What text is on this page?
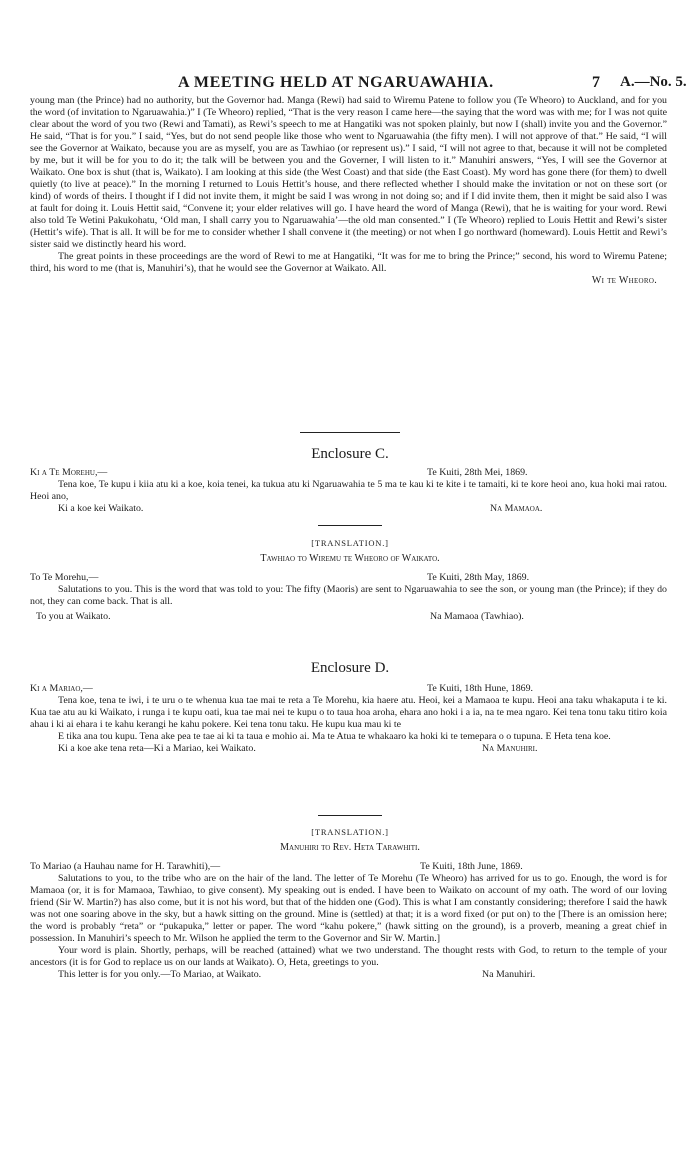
A MEETING HELD AT NGARUAWAHIA.	7 A.—No. 5.

young man (the Prince) had no authority, but the Governor had. Manga (Rewi) had said to Wiremu Patene to follow you (Te Wheoro) to Auckland, and for you the word (of invitation to Ngaruawahia.)” I (Te Wheoro) replied, “That is the very reason I came here—the saying that the word was with me; for I was not quite clear about the word of you two (Rewi and Tamati), as Rewi’s speech to me at Hangatiki was not spoken plainly, but now I (shall) invite you and the Governor.” He said, “That is for you.” I said, “Yes, but do not send people like those who went to Ngaruawahia (the fifty men). I will not approve of that.” He said, “I will see the Governor at Waikato, because you are as myself, you are as Tawhiao (or represent us).” I said, “I will not agree to that, because it will not be completed by me, but it will be for you to do it; the talk will be between you and the Governer, I will listen to it.” Manuhiri answers, “Yes, I will see the Governor at Waikato. One box is shut (that is, Waikato). I am looking at this side (the West Coast) and that side (the East Coast). My word has gone there (for them) to dwell quietly (to live at peace).” In the morning I returned to Louis Hettit’s house, and there reflected whether I should make the invitation or not on these sort (or kind) of words of theirs. I thought if I did not invite them, it might be said I was wrong in not doing so; and if I did invite them, then it might be said also I was at fault for doing it. Louis Hettit said, “Convene it; your elder relatives will go. I have heard the word of Manga (Rewi), that he is waiting for your word. Rewi also told Te Wetini Pakukohatu, ‘Old man, I shall carry you to Ngaruawahia’—the old man consented.” I (Te Wheoro) replied to Louis Hettit and Rewi’s sister (Hettit’s wife). That is all. It will be for me to consider whether I shall convene it (the meeting) or not when I go northward (homeward). Louis Hettit and Rewi’s sister said we distinctly heard his word.

The great points in these proceedings are the word of Rewi to me at Hangatiki, “It was for me to bring the Prince;” second, his word to Wiremu Patene; third, his word to me (that is, Manuhiri’s), that he would see the Governor at Waikato. All.

Wi te Wheoro.
Enclosure C.
Ki a Te Morehu,—	Te Kuiti, 28th Mei, 1869.

Tena koe, Te kupu i kiia atu ki a koe, koia tenei, ka tukua atu ki Ngaruawahia te 5 ma te kau ki te kite i te tamaiti, ki te kore heoi ano, kua hoki mai ratou. Heoi ano,

Ki a koe kei Waikato.	Na Mamaoa.
[TRANSLATION.]
Tawhiao to Wiremu te Wheoro of Waikato.
To Te Morehu,—	Te Kuiti, 28th May, 1869.

Salutations to you. This is the word that was told to you: The fifty (Maoris) are sent to Ngaruawahia to see the son, or young man (the Prince); if they do not, they can come back. That is all.

To you at Waikato.	Na Mamaoa (Tawhiao).
Enclosure D.
Ki a Mariao,—	Te Kuiti, 18th Hune, 1869.

Tena koe, tena te iwi, i te uru o te whenua kua tae mai te reta a Te Morehu, kia haere atu. Heoi, kei a Mamaoa te kupu. Heoi ana taku whakaputa i te ki. Kua tae atu au ki Waikato, i runga i te kupu oati, kua tae mai nei te kupu o to taua hoa aroha, ehara ano hoki i a ia, na te mea ngaro. Kei tena tonu taku titiro koia ahau i ki ai ehara i te kahu kerangi he kahu pokere. Kei tena tonu taku. He kupu kua mau ki te

E tika ana tou kupu. Tena ake pea te tae ai ki ta taua e mohio ai. Ma te Atua te whakaaro ka hoki ki te temepara o o tupuna. E Heta tena koe.

Ki a koe ake tena reta—Ki a Mariao, kei Waikato.	Na Manuhiri.
[TRANSLATION.]
Manuhiri to Rev. Heta Tarawhiti.
To Mariao (a Hauhau name for H. Tarawhiti),—	Te Kuiti, 18th June, 1869.

Salutations to you, to the tribe who are on the hair of the land. The letter of Te Morehu (Te Wheoro) has arrived for us to go. Enough, the word is for Mamaoa (or, it is for Mamaoa, Tawhiao, to give consent). My speaking out is ended. I have been to Waikato on account of my oath. The word of our loving friend (Sir W. Martin?) has also come, but it is not his word, but that of the hidden one (God). This is what I am constantly considering; therefore I said the hawk was not one soaring above in the sky, but a hawk sitting on the ground. Mine is (settled) at that; it is a word fixed (or put on) to the [There is an omission here; the word is probably “reta” or “pukapuka,” letter or paper. The word “kahu pokere,” (hawk sitting on the ground), is a proverb, meaning a great chief in possession. In Manuhiri’s speech to Mr. Wilson he applied the term to the Governor and Sir W. Martin.]

Your word is plain. Shortly, perhaps, will be reached (attained) what we two understand. The thought rests with God, to return to the temple of your ancestors (it is for God to replace us on our lands at Waikato). O, Heta, greetings to you.

This letter is for you only.—To Mariao, at Waikato.	Na Manuhiri.
